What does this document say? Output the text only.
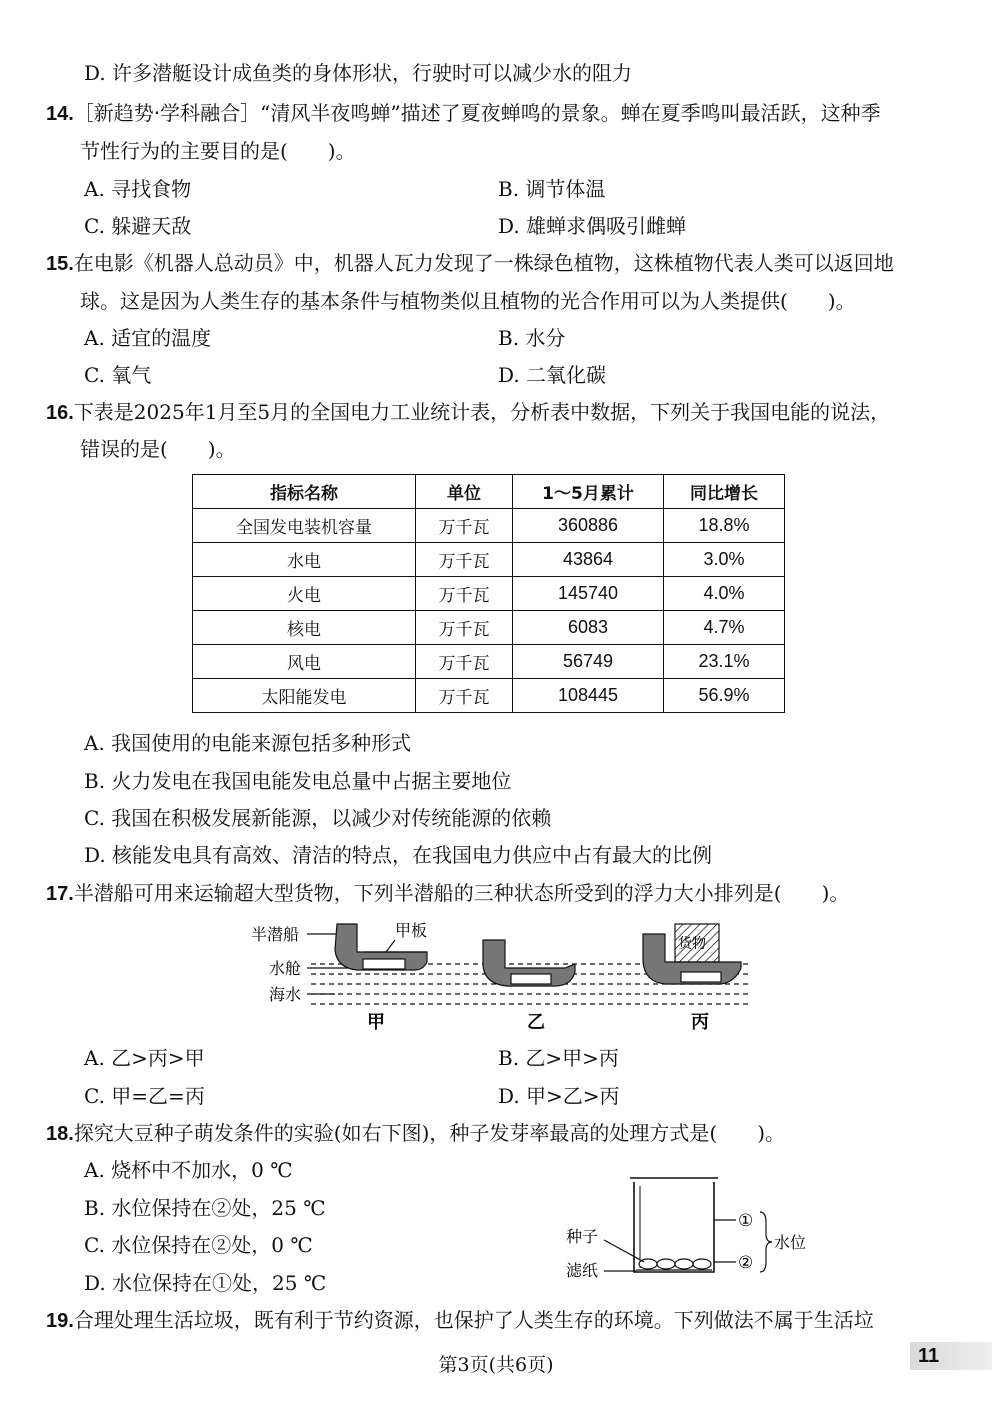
D. 许多潜艇设计成鱼类的身体形状，行驶时可以减少水的阻力
14.［新趋势·学科融合］“清风半夜鸣蝉”描述了夏夜蝉鸣的景象。蝉在夏季鸣叫最活跃，这种季
节性行为的主要目的是(　　)。
A. 寻找食物	B. 调节体温
C. 躲避天敌	D. 雄蝉求偶吸引雌蝉
15.在电影《机器人总动员》中，机器人瓦力发现了一株绿色植物，这株植物代表人类可以返回地
球。这是因为人类生存的基本条件与植物类似且植物的光合作用可以为人类提供(　　)。
A. 适宜的温度	B. 水分
C. 氧气	D. 二氧化碳
16.下表是2025年1月至5月的全国电力工业统计表，分析表中数据，下列关于我国电能的说法，
错误的是(　　)。
指标名称	单位	1～5月累计	同比增长
全国发电装机容量	万千瓦	360886	18.8%
水电	万千瓦	43864	3.0%
火电	万千瓦	145740	4.0%
核电	万千瓦	6083	4.7%
风电	万千瓦	56749	23.1%
太阳能发电	万千瓦	108445	56.9%
A. 我国使用的电能来源包括多种形式
B. 火力发电在我国电能发电总量中占据主要地位
C. 我国在积极发展新能源，以减少对传统能源的依赖
D. 核能发电具有高效、清洁的特点，在我国电力供应中占有最大的比例
17.半潜船可用来运输超大型货物，下列半潜船的三种状态所受到的浮力大小排列是(　　)。
半潜船
水舱
海水
甲板
甲	乙
货物
丙
A. 乙>丙>甲	B. 乙>甲>丙
C. 甲=乙=丙	D. 甲>乙>丙
18.探究大豆种子萌发条件的实验(如右下图)，种子发芽率最高的处理方式是(　　)。
A. 烧杯中不加水，0 ℃
B. 水位保持在②处，25 ℃
C. 水位保持在②处，0 ℃
D. 水位保持在①处，25 ℃
①
②
水位
种子
滤纸
19.合理处理生活垃圾，既有利于节约资源，也保护了人类生存的环境。下列做法不属于生活垃
第3页(共6页)	11
